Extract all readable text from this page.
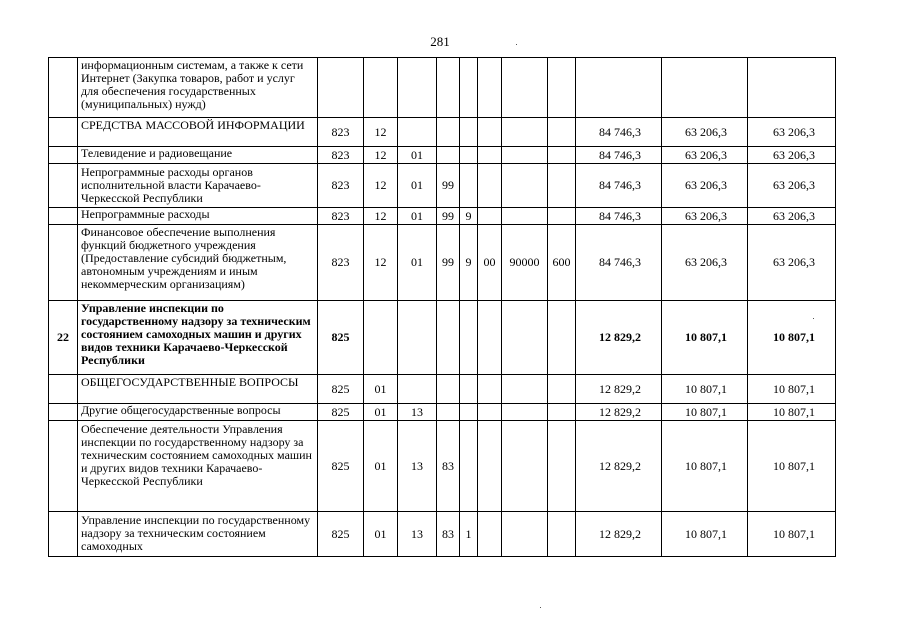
281
	информационным системам, а также к сети Интернет (Закупка товаров, работ и услуг для обеспечения государственных (муниципальных) нужд)											
	СРЕДСТВА МАССОВОЙ ИНФОРМАЦИИ	823	12							84 746,3	63 206,3	63 206,3
	Телевидение и радиовещание	823	12	01						84 746,3	63 206,3	63 206,3
	Непрограммные расходы органов исполнительной власти Карачаево-Черкесской Республики	823	12	01	99					84 746,3	63 206,3	63 206,3
	Непрограммные расходы	823	12	01	99	9				84 746,3	63 206,3	63 206,3
	Финансовое обеспечение выполнения функций бюджетного учреждения (Предоставление субсидий бюджетным, автономным учреждениям и иным некоммерческим организациям)	823	12	01	99	9	00	90000	600	84 746,3	63 206,3	63 206,3
22	Управление инспекции по государственному надзору за техническим состоянием самоходных машин и других видов техники Карачаево-Черкесской Республики	825								12 829,2	10 807,1	10 807,1
	ОБЩЕГОСУДАРСТВЕННЫЕ ВОПРОСЫ	825	01							12 829,2	10 807,1	10 807,1
	Другие общегосударственные вопросы	825	01	13						12 829,2	10 807,1	10 807,1
	Обеспечение деятельности Управления инспекции по государственному надзору за техническим состоянием самоходных машин и других видов техники Карачаево-Черкесской Республики	825	01	13	83					12 829,2	10 807,1	10 807,1
	Управление инспекции по государственному надзору за техническим состоянием самоходных	825	01	13	83	1				12 829,2	10 807,1	10 807,1
